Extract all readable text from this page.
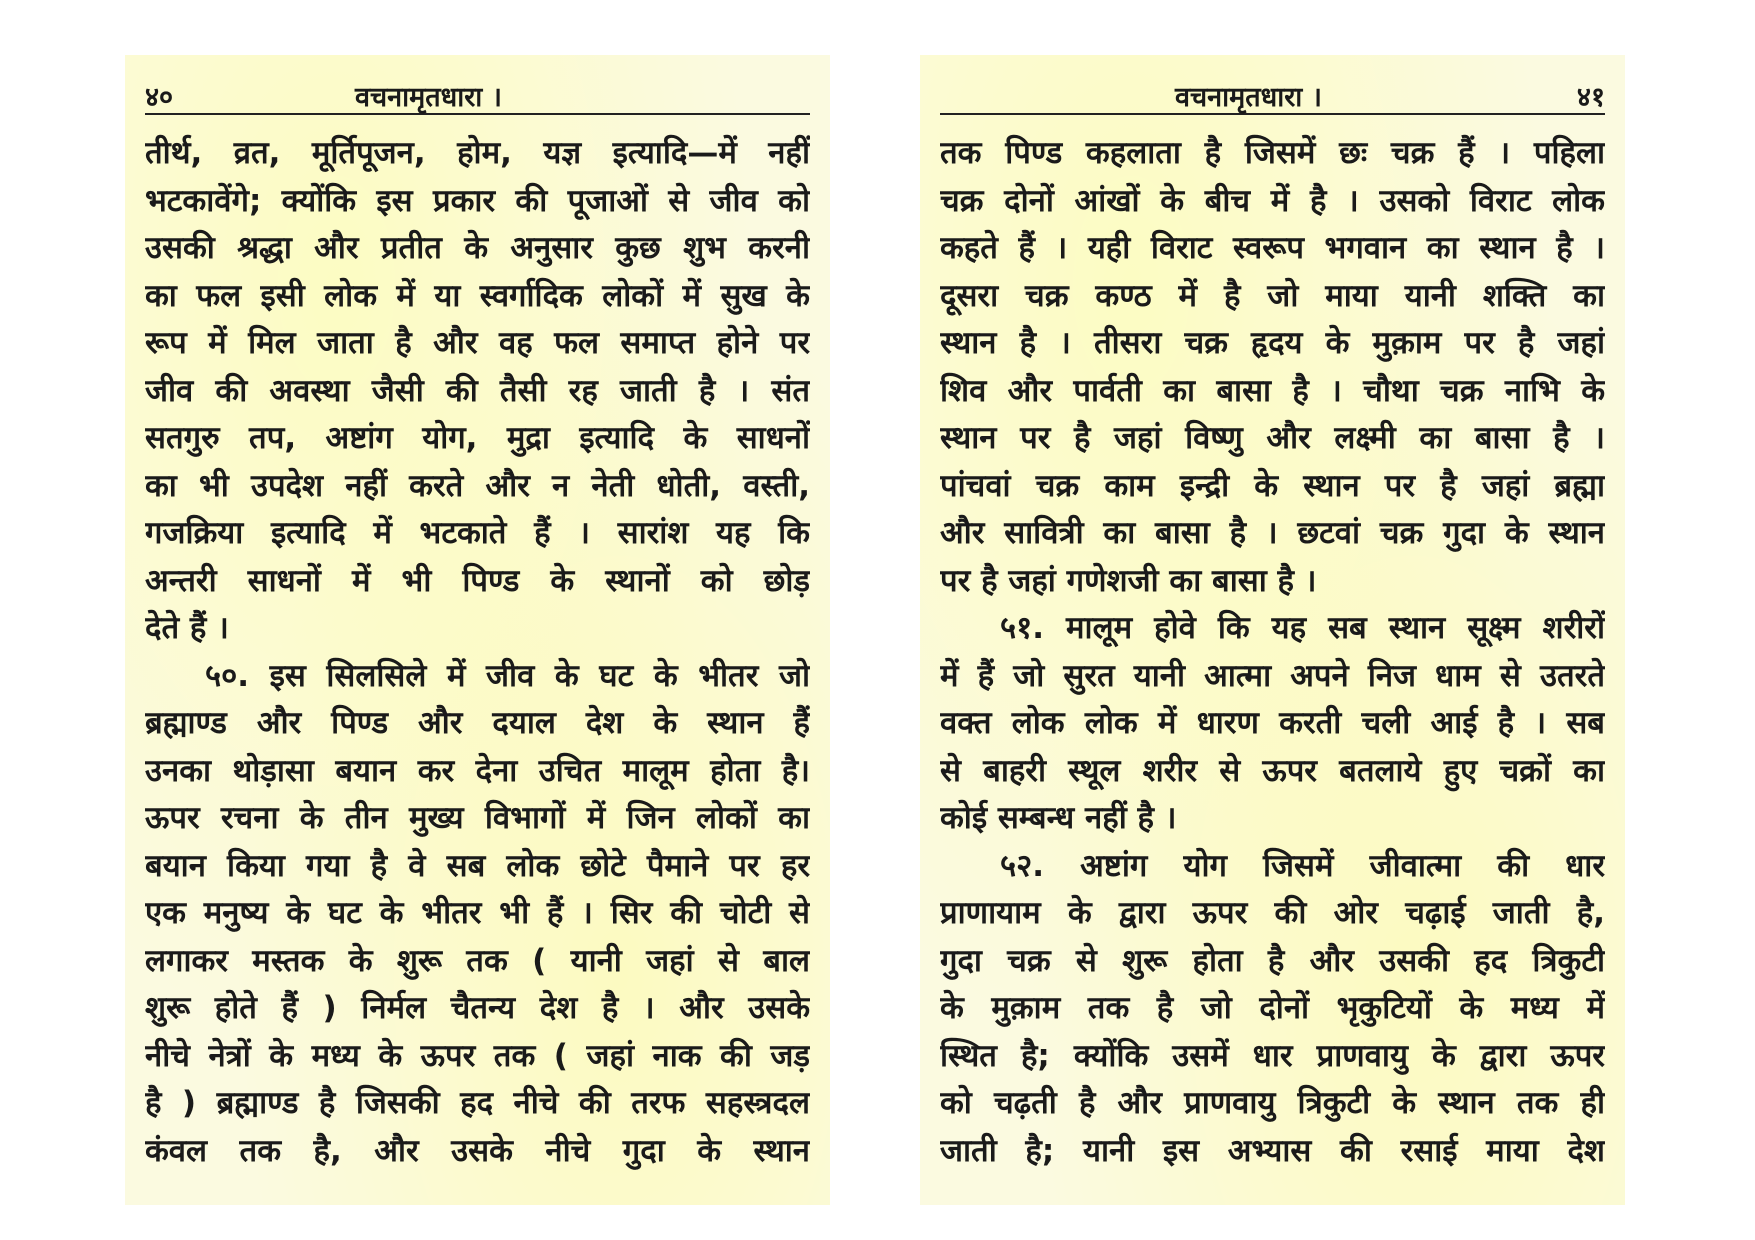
४०	वचनामृतधारा ।
तीर्थ, व्रत, मूर्तिपूजन, होम, यज्ञ इत्यादि—में नहीं
भटकावेंगे; क्योंकि इस प्रकार की पूजाओं से जीव को
उसकी श्रद्धा और प्रतीत के अनुसार कुछ शुभ करनी
का फल इसी लोक में या स्वर्गादिक लोकों में सुख के
रूप में मिल जाता है और वह फल समाप्त होने पर
जीव की अवस्था जैसी की तैसी रह जाती है । संत
सतगुरु तप, अष्टांग योग, मुद्रा इत्यादि के साधनों
का भी उपदेश नहीं करते और न नेती धोती, वस्ती,
गजक्रिया इत्यादि में भटकाते हैं । सारांश यह कि
अन्तरी साधनों में भी पिण्ड के स्थानों को छोड़
देते हैं ।
५०. इस सिलसिले में जीव के घट के भीतर जो
ब्रह्माण्ड और पिण्ड और दयाल देश के स्थान हैं
उनका थोड़ासा बयान कर देना उचित मालूम होता है।
ऊपर रचना के तीन मुख्य विभागों में जिन लोकों का
बयान किया गया है वे सब लोक छोटे पैमाने पर हर
एक मनुष्य के घट के भीतर भी हैं । सिर की चोटी से
लगाकर मस्तक के शुरू तक ( यानी जहां से बाल
शुरू होते हैं ) निर्मल चैतन्य देश है । और उसके
नीचे नेत्रों के मध्य के ऊपर तक ( जहां नाक की जड़
है ) ब्रह्माण्ड है जिसकी हद नीचे की तरफ सहस्त्रदल
कंवल तक है, और उसके नीचे गुदा के स्थान
वचनामृतधारा ।	४१
तक पिण्ड कहलाता है जिसमें छः चक्र हैं । पहिला
चक्र दोनों आंखों के बीच में है । उसको विराट लोक
कहते हैं । यही विराट स्वरूप भगवान का स्थान है ।
दूसरा चक्र कण्ठ में है जो माया यानी शक्ति का
स्थान है । तीसरा चक्र हृदय के मुक़ाम पर है जहां
शिव और पार्वती का बासा है । चौथा चक्र नाभि के
स्थान पर है जहां विष्णु और लक्ष्मी का बासा है ।
पांचवां चक्र काम इन्द्री के स्थान पर है जहां ब्रह्मा
और सावित्री का बासा है । छटवां चक्र गुदा के स्थान
पर है जहां गणेशजी का बासा है ।
५१. मालूम होवे कि यह सब स्थान सूक्ष्म शरीरों
में हैं जो सुरत यानी आत्मा अपने निज धाम से उतरते
वक्त लोक लोक में धारण करती चली आई है । सब
से बाहरी स्थूल शरीर से ऊपर बतलाये हुए चक्रों का
कोई सम्बन्ध नहीं है ।
५२. अष्टांग योग जिसमें जीवात्मा की धार
प्राणायाम के द्वारा ऊपर की ओर चढ़ाई जाती है,
गुदा चक्र से शुरू होता है और उसकी हद त्रिकुटी
के मुक़ाम तक है जो दोनों भृकुटियों के मध्य में
स्थित है; क्योंकि उसमें धार प्राणवायु के द्वारा ऊपर
को चढ़ती है और प्राणवायु त्रिकुटी के स्थान तक ही
जाती है; यानी इस अभ्यास की रसाई माया देश
